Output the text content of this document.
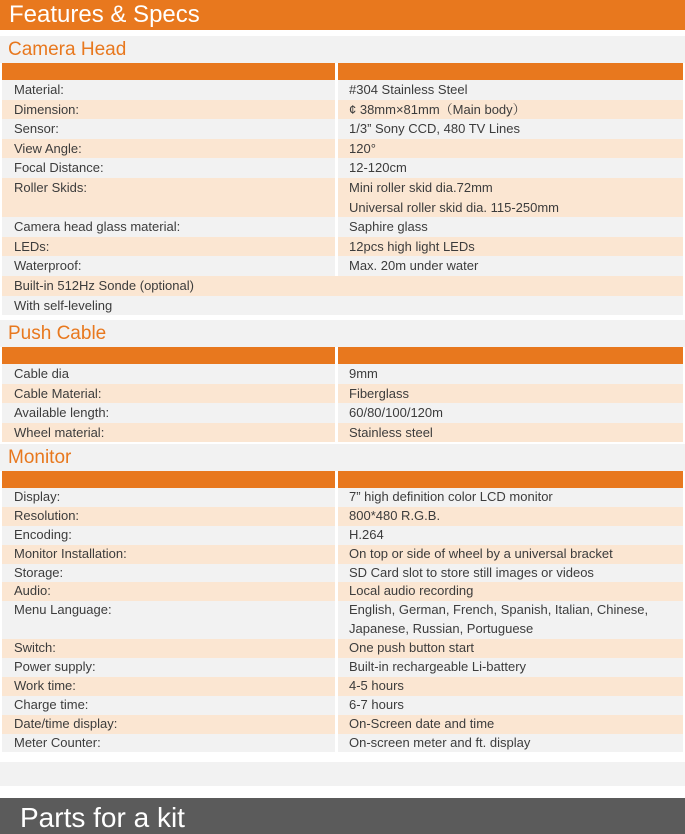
Features & Specs
Camera Head
Material:	#304 Stainless Steel
Dimension:	¢ 38mm×81mm（Main body）
Sensor:	1/3” Sony CCD, 480 TV Lines
View Angle:	120°
Focal Distance:	12-120cm
Roller Skids:	Mini roller skid dia.72mm
Universal roller skid dia. 115-250mm
Camera head glass material:	Saphire glass
LEDs:	12pcs high light LEDs
Waterproof:	Max. 20m under water
Built-in 512Hz Sonde (optional)
With self-leveling
Push Cable
Cable dia	9mm
Cable Material:	Fiberglass
Available length:	60/80/100/120m
Wheel material:	Stainless steel
Monitor
Display:	7” high definition color LCD monitor
Resolution:	800*480 R.G.B.
Encoding:	H.264
Monitor Installation:	On top or side of wheel by a universal bracket
Storage:	SD Card slot to store still images or videos
Audio:	Local audio recording
Menu Language:	English, German, French, Spanish, Italian, Chinese,
Japanese, Russian, Portuguese
Switch:	One push button start
Power supply:	Built-in rechargeable Li-battery
Work time:	4-5 hours
Charge time:	6-7 hours
Date/time display:	On-Screen date and time
Meter Counter:	On-screen meter and ft. display
Parts for a kit
